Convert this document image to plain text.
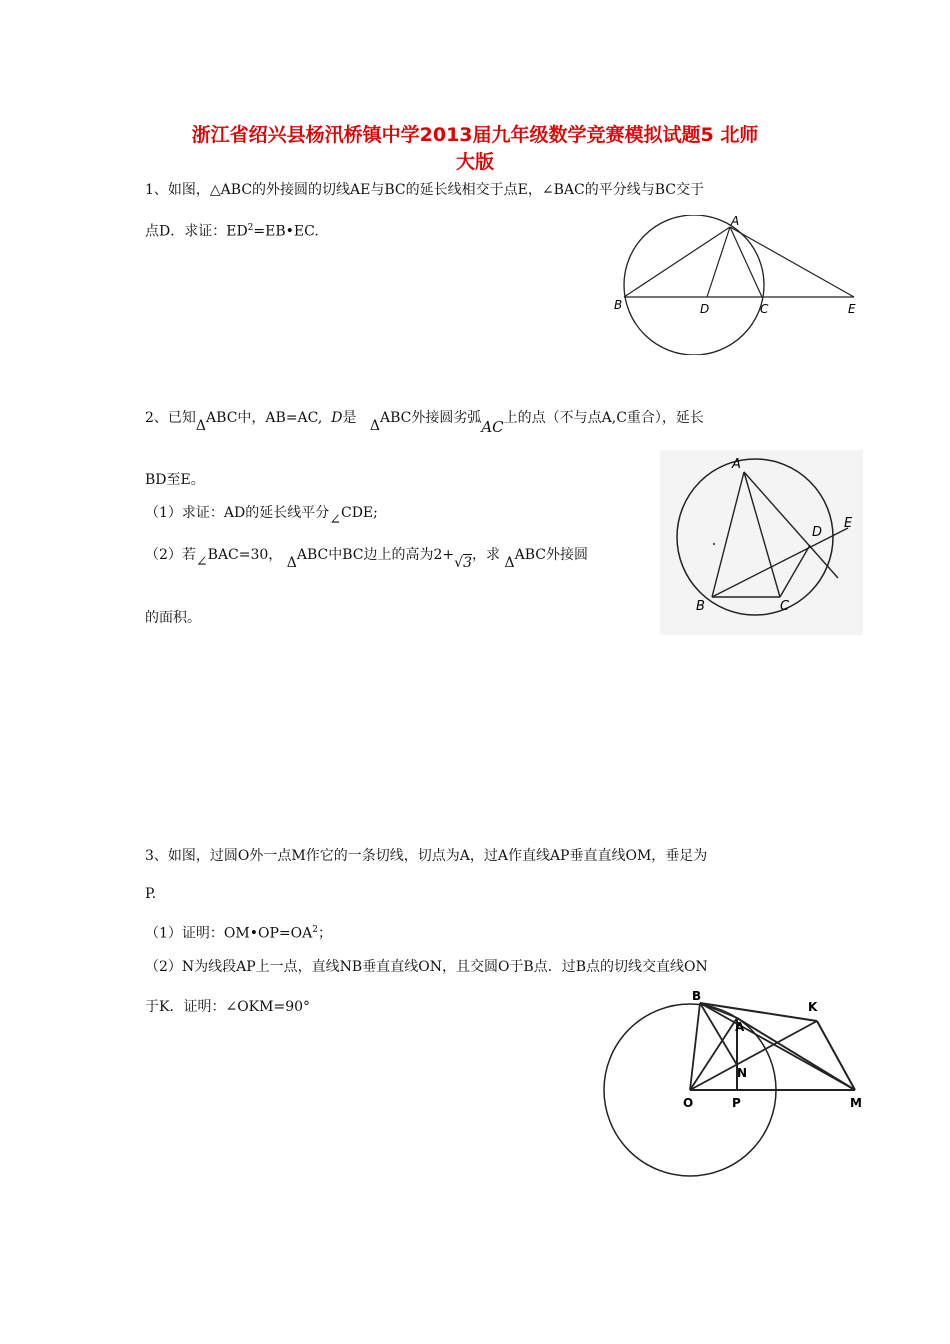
浙江省绍兴县杨汛桥镇中学2013届九年级数学竞赛模拟试题5 北师
大版
1、如图，△ABC的外接圆的切线AE与BC的延长线相交于点E，∠BAC的平分线与BC交于
点D．求证：$ED^2=EB•EC$.
A
B	D	C	E
2、已知ΔABC中，AB=AC, D是 ΔABC外接圆劣弧AC上的点（不与点A,C重合），延长
BD至E。
（1）求证：AD的延长线平分∠CDE;
（2）若∠BAC=30， ΔABC中BC边上的高为2+√3，求 ΔABC外接圆
的面积。
A
B	C
D
E
3、如图，过圆O外一点M作它的一条切线，切点为A，过A作直线AP垂直直线OM，垂足为
P.
（1）证明：$OM•OP=OA^2$；
（2）N为线段AP上一点，直线NB垂直直线ON，且交圆O于B点．过B点的切线交直线ON
于K．证明：∠OKM=90°
B
K
A
N
O	P	M
